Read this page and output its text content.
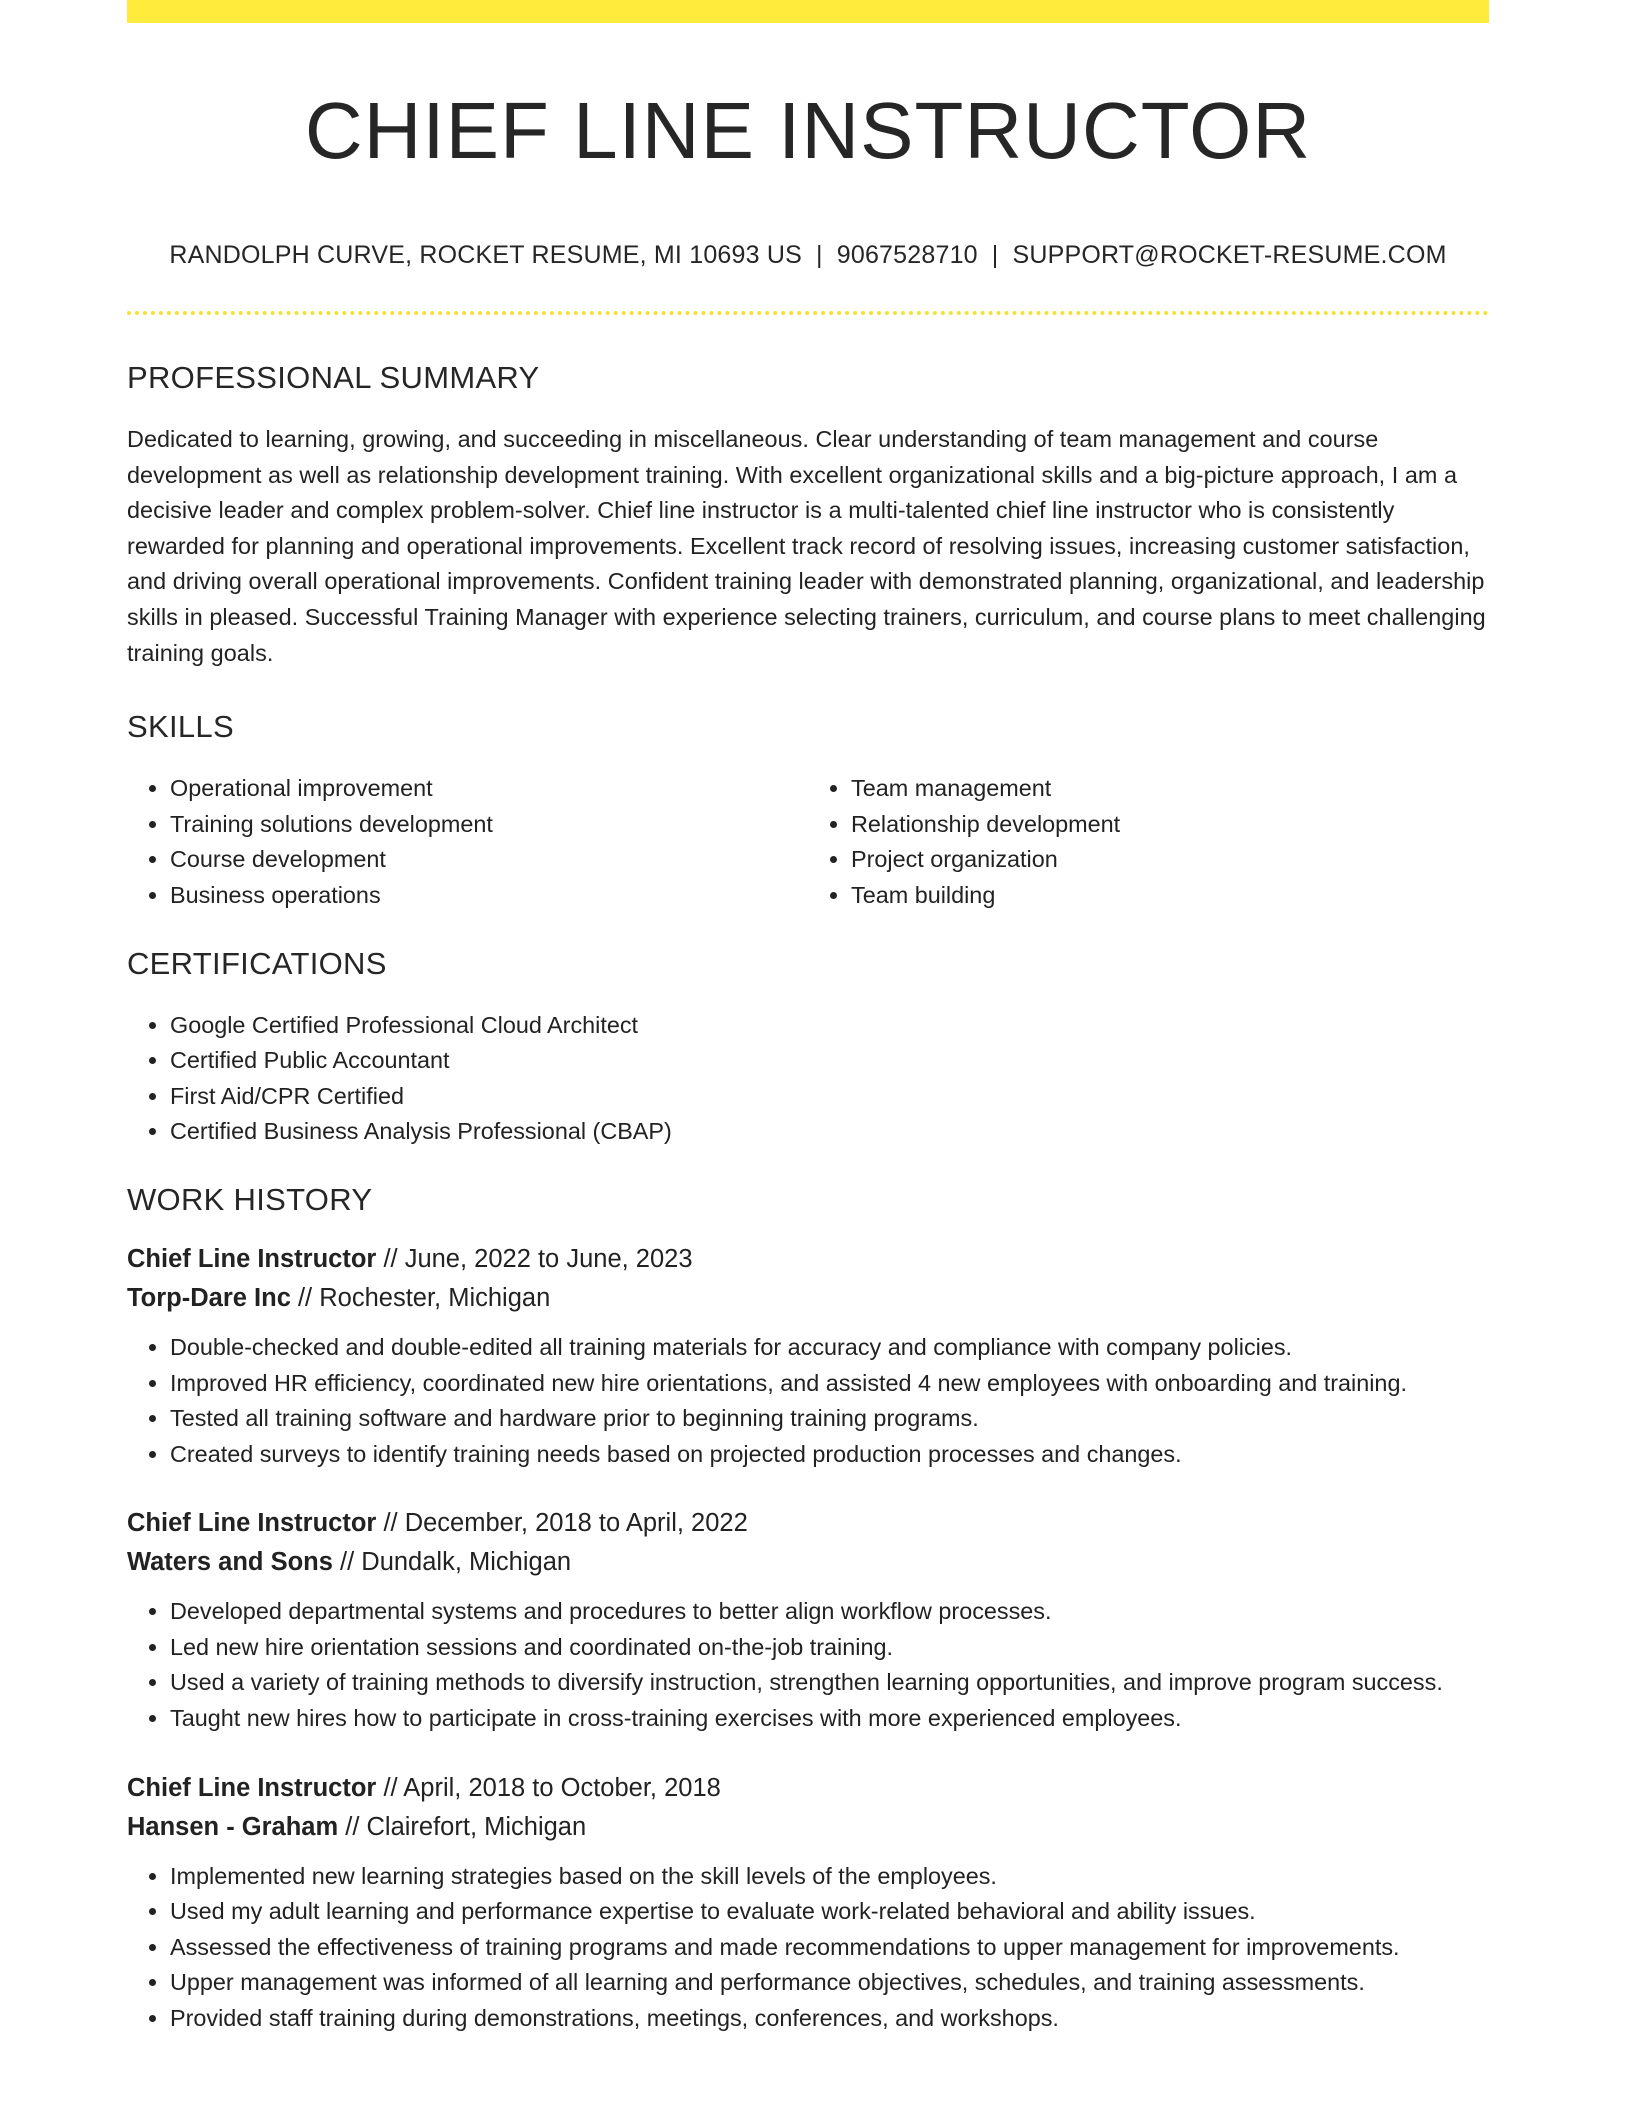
CHIEF LINE INSTRUCTOR
RANDOLPH CURVE, ROCKET RESUME, MI 10693 US | 9067528710 | SUPPORT@ROCKET-RESUME.COM
PROFESSIONAL SUMMARY
Dedicated to learning, growing, and succeeding in miscellaneous. Clear understanding of team management and course development as well as relationship development training. With excellent organizational skills and a big-picture approach, I am a decisive leader and complex problem-solver. Chief line instructor is a multi-talented chief line instructor who is consistently rewarded for planning and operational improvements. Excellent track record of resolving issues, increasing customer satisfaction, and driving overall operational improvements. Confident training leader with demonstrated planning, organizational, and leadership skills in pleased. Successful Training Manager with experience selecting trainers, curriculum, and course plans to meet challenging training goals.
SKILLS
• Operational improvement
• Training solutions development
• Course development
• Business operations
• Team management
• Relationship development
• Project organization
• Team building
CERTIFICATIONS
• Google Certified Professional Cloud Architect
• Certified Public Accountant
• First Aid/CPR Certified
• Certified Business Analysis Professional (CBAP)
WORK HISTORY
Chief Line Instructor // June, 2022 to June, 2023
Torp-Dare Inc // Rochester, Michigan
• Double-checked and double-edited all training materials for accuracy and compliance with company policies.
• Improved HR efficiency, coordinated new hire orientations, and assisted 4 new employees with onboarding and training.
• Tested all training software and hardware prior to beginning training programs.
• Created surveys to identify training needs based on projected production processes and changes.
Chief Line Instructor // December, 2018 to April, 2022
Waters and Sons // Dundalk, Michigan
• Developed departmental systems and procedures to better align workflow processes.
• Led new hire orientation sessions and coordinated on-the-job training.
• Used a variety of training methods to diversify instruction, strengthen learning opportunities, and improve program success.
• Taught new hires how to participate in cross-training exercises with more experienced employees.
Chief Line Instructor // April, 2018 to October, 2018
Hansen - Graham // Clairefort, Michigan
• Implemented new learning strategies based on the skill levels of the employees.
• Used my adult learning and performance expertise to evaluate work-related behavioral and ability issues.
• Assessed the effectiveness of training programs and made recommendations to upper management for improvements.
• Upper management was informed of all learning and performance objectives, schedules, and training assessments.
• Provided staff training during demonstrations, meetings, conferences, and workshops.
